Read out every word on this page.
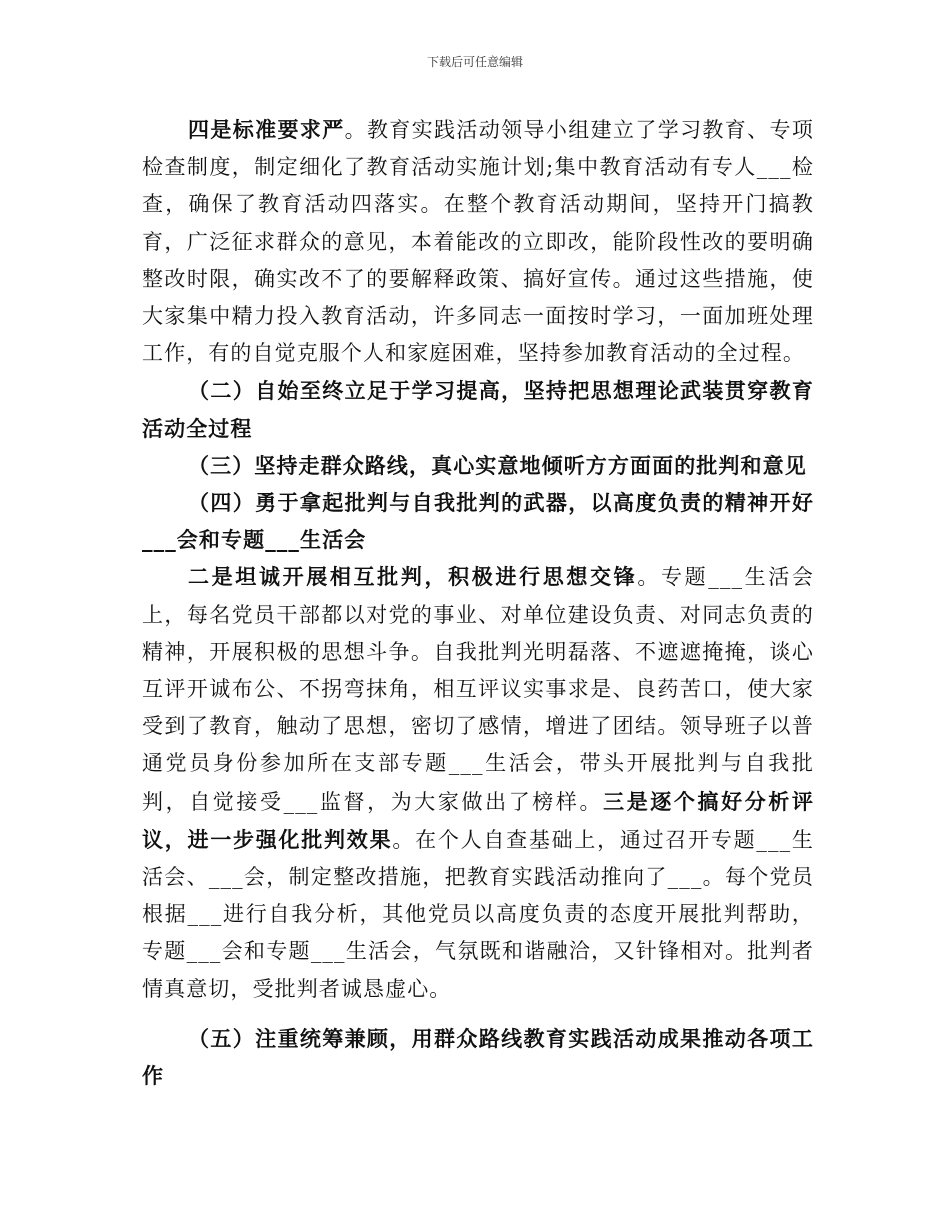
下载后可任意编辑

四是标准要求严。教育实践活动领导小组建立了学习教育、专项检查制度，制定细化了教育活动实施计划;集中教育活动有专人___检查，确保了教育活动四落实。在整个教育活动期间，坚持开门搞教育，广泛征求群众的意见，本着能改的立即改，能阶段性改的要明确整改时限，确实改不了的要解释政策、搞好宣传。通过这些措施，使大家集中精力投入教育活动，许多同志一面按时学习，一面加班处理工作，有的自觉克服个人和家庭困难，坚持参加教育活动的全过程。

（二）自始至终立足于学习提高，坚持把思想理论武装贯穿教育活动全过程

（三）坚持走群众路线，真心实意地倾听方方面面的批判和意见

（四）勇于拿起批判与自我批判的武器，以高度负责的精神开好___会和专题___生活会

二是坦诚开展相互批判，积极进行思想交锋。专题___生活会上，每名党员干部都以对党的事业、对单位建设负责、对同志负责的精神，开展积极的思想斗争。自我批判光明磊落、不遮遮掩掩，谈心互评开诚布公、不拐弯抹角，相互评议实事求是、良药苦口，使大家受到了教育，触动了思想，密切了感情，增进了团结。领导班子以普通党员身份参加所在支部专题___生活会，带头开展批判与自我批判，自觉接受___监督，为大家做出了榜样。三是逐个搞好分析评议，进一步强化批判效果。在个人自查基础上，通过召开专题___生活会、___会，制定整改措施，把教育实践活动推向了___。每个党员根据___进行自我分析，其他党员以高度负责的态度开展批判帮助，专题___会和专题___生活会，气氛既和谐融洽，又针锋相对。批判者情真意切，受批判者诚恳虚心。

（五）注重统筹兼顾，用群众路线教育实践活动成果推动各项工作
